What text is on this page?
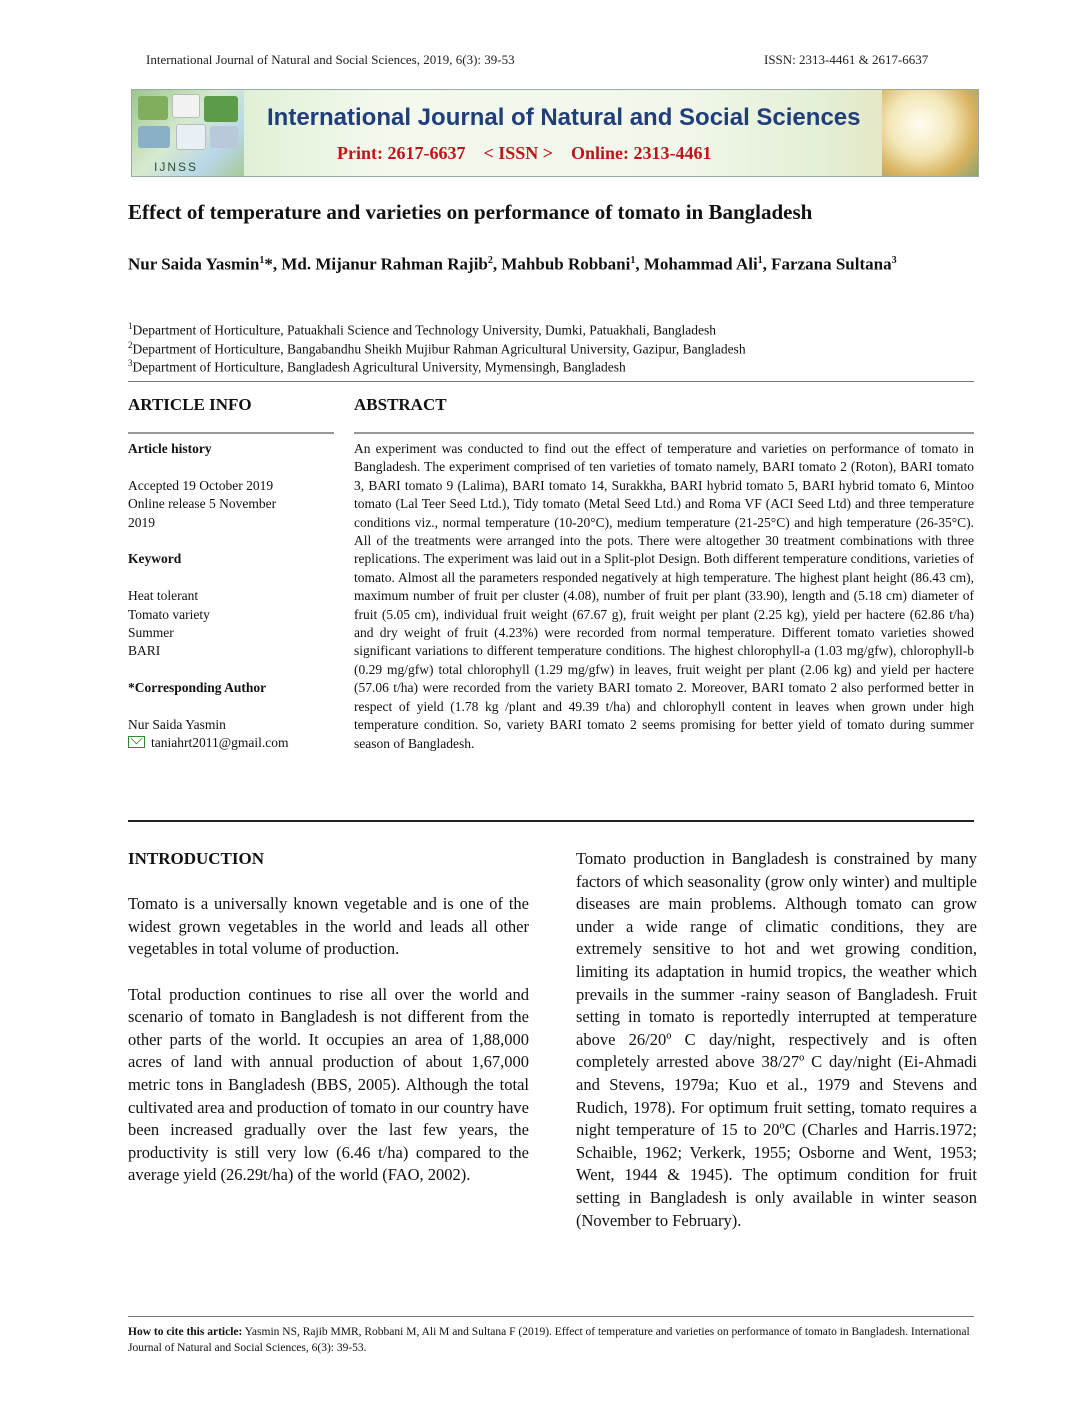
International Journal of Natural and Social Sciences, 2019, 6(3): 39-53	ISSN: 2313-4461 & 2617-6637
IJNSS
International Journal of Natural and Social Sciences
Print: 2617-6637    < ISSN >    Online: 2313-4461
Effect of temperature and varieties on performance of tomato in Bangladesh
Nur Saida Yasmin$^1$*, Md. Mijanur Rahman Rajib$^2$, Mahbub Robbani$^1$, Mohammad Ali$^1$, Farzana Sultana$^3$
$^1$Department of Horticulture, Patuakhali Science and Technology University, Dumki, Patuakhali, Bangladesh
$^2$Department of Horticulture, Bangabandhu Sheikh Mujibur Rahman Agricultural University, Gazipur, Bangladesh
$^3$Department of Horticulture, Bangladesh Agricultural University, Mymensingh, Bangladesh
ARTICLE INFO	ABSTRACT
Article history
Accepted 19 October 2019
Online release 5 November
2019
Keyword
Heat tolerant
Tomato variety
Summer
BARI
*Corresponding Author
Nur Saida Yasmin
taniahrt2011@gmail.com
An experiment was conducted to find out the effect of temperature and varieties on performance of tomato in Bangladesh. The experiment comprised of ten varieties of tomato namely, BARI tomato 2 (Roton), BARI tomato 3, BARI tomato 9 (Lalima), BARI tomato 14, Surakkha, BARI hybrid tomato 5, BARI hybrid tomato 6, Mintoo tomato (Lal Teer Seed Ltd.), Tidy tomato (Metal Seed Ltd.) and Roma VF (ACI Seed Ltd) and three temperature conditions viz., normal temperature (10-20°C), medium temperature (21-25°C) and high temperature (26-35°C). All of the treatments were arranged into the pots. There were altogether 30 treatment combinations with three replications. The experiment was laid out in a Split-plot Design. Both different temperature conditions, varieties of tomato. Almost all the parameters responded negatively at high temperature. The highest plant height (86.43 cm), maximum number of fruit per cluster (4.08), number of fruit per plant (33.90), length and (5.18 cm) diameter of fruit (5.05 cm), individual fruit weight (67.67 g), fruit weight per plant (2.25 kg), yield per hactere (62.86 t/ha) and dry weight of fruit (4.23%) were recorded from normal temperature. Different tomato varieties showed significant variations to different temperature conditions. The highest chlorophyll-a (1.03 mg/gfw), chlorophyll-b (0.29 mg/gfw) total chlorophyll (1.29 mg/gfw) in leaves, fruit weight per plant (2.06 kg) and yield per hactere (57.06 t/ha) were recorded from the variety BARI tomato 2. Moreover, BARI tomato 2 also performed better in respect of yield (1.78 kg /plant and 49.39 t/ha) and chlorophyll content in leaves when grown under high temperature condition. So, variety BARI tomato 2 seems promising for better yield of tomato during summer season of Bangladesh.

INTRODUCTION

Tomato is a universally known vegetable and is one of the widest grown vegetables in the world and leads all other vegetables in total volume of production.

Total production continues to rise all over the world and scenario of tomato in Bangladesh is not different from the other parts of the world. It occupies an area of 1,88,000 acres of land with annual production of about 1,67,000 metric tons in Bangladesh (BBS, 2005). Although the total cultivated area and production of tomato in our country have been increased gradually over the last few years, the productivity is still very low (6.46 t/ha) compared to the average yield (26.29t/ha) of the world (FAO, 2002).

Tomato production in Bangladesh is constrained by many factors of which seasonality (grow only winter) and multiple diseases are main problems. Although tomato can grow under a wide range of climatic conditions, they are extremely sensitive to hot and wet growing condition, limiting its adaptation in humid tropics, the weather which prevails in the summer -rainy season of Bangladesh. Fruit setting in tomato is reportedly interrupted at temperature above 26/20º C day/night, respectively and is often completely arrested above 38/27º C day/night (Ei-Ahmadi and Stevens, 1979a; Kuo et al., 1979 and Stevens and Rudich, 1978). For optimum fruit setting, tomato requires a night temperature of 15 to 20ºC (Charles and Harris.1972; Schaible, 1962; Verkerk, 1955; Osborne and Went, 1953; Went, 1944 & 1945). The optimum condition for fruit setting in Bangladesh is only available in winter season (November to February).

How to cite this article: Yasmin NS, Rajib MMR, Robbani M, Ali M and Sultana F (2019). Effect of temperature and varieties on performance of tomato in Bangladesh. International Journal of Natural and Social Sciences, 6(3): 39-53.
